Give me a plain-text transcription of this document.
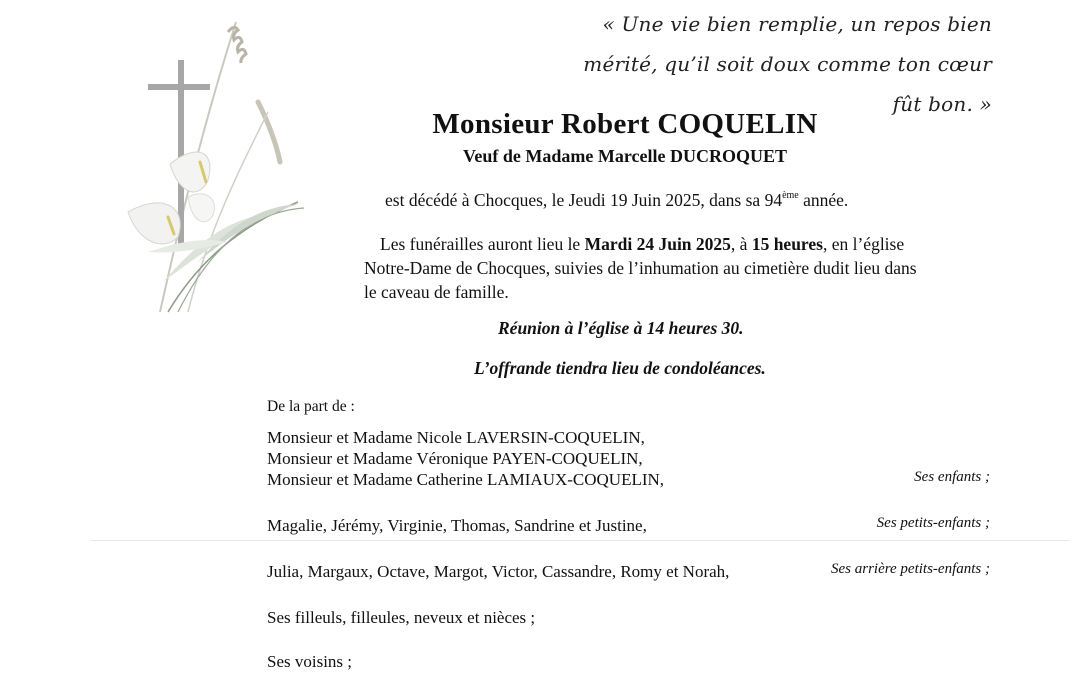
« Une vie bien remplie, un repos bien
mérité, qu’il soit doux comme ton cœur fût bon. »
Monsieur Robert COQUELIN
Veuf de Madame Marcelle DUCROQUET
est décédé à Chocques, le Jeudi 19 Juin 2025, dans sa 94ème année.
Les funérailles auront lieu le Mardi 24 Juin 2025, à 15 heures, en l’église Notre-Dame de Chocques, suivies de l’inhumation au cimetière dudit lieu dans le caveau de famille.
Réunion à l’église à 14 heures 30.
L’offrande tiendra lieu de condoléances.
De la part de :
Monsieur et Madame Nicole LAVERSIN-COQUELIN,
Monsieur et Madame Véronique PAYEN-COQUELIN,
Monsieur et Madame Catherine LAMIAUX-COQUELIN,	Ses enfants ;
Magalie, Jérémy, Virginie, Thomas, Sandrine et Justine,	Ses petits-enfants ;
Julia, Margaux, Octave, Margot, Victor, Cassandre, Romy et Norah,	Ses arrière petits-enfants ;
Ses filleuls, filleules, neveux et nièces ;
Ses voisins ;
